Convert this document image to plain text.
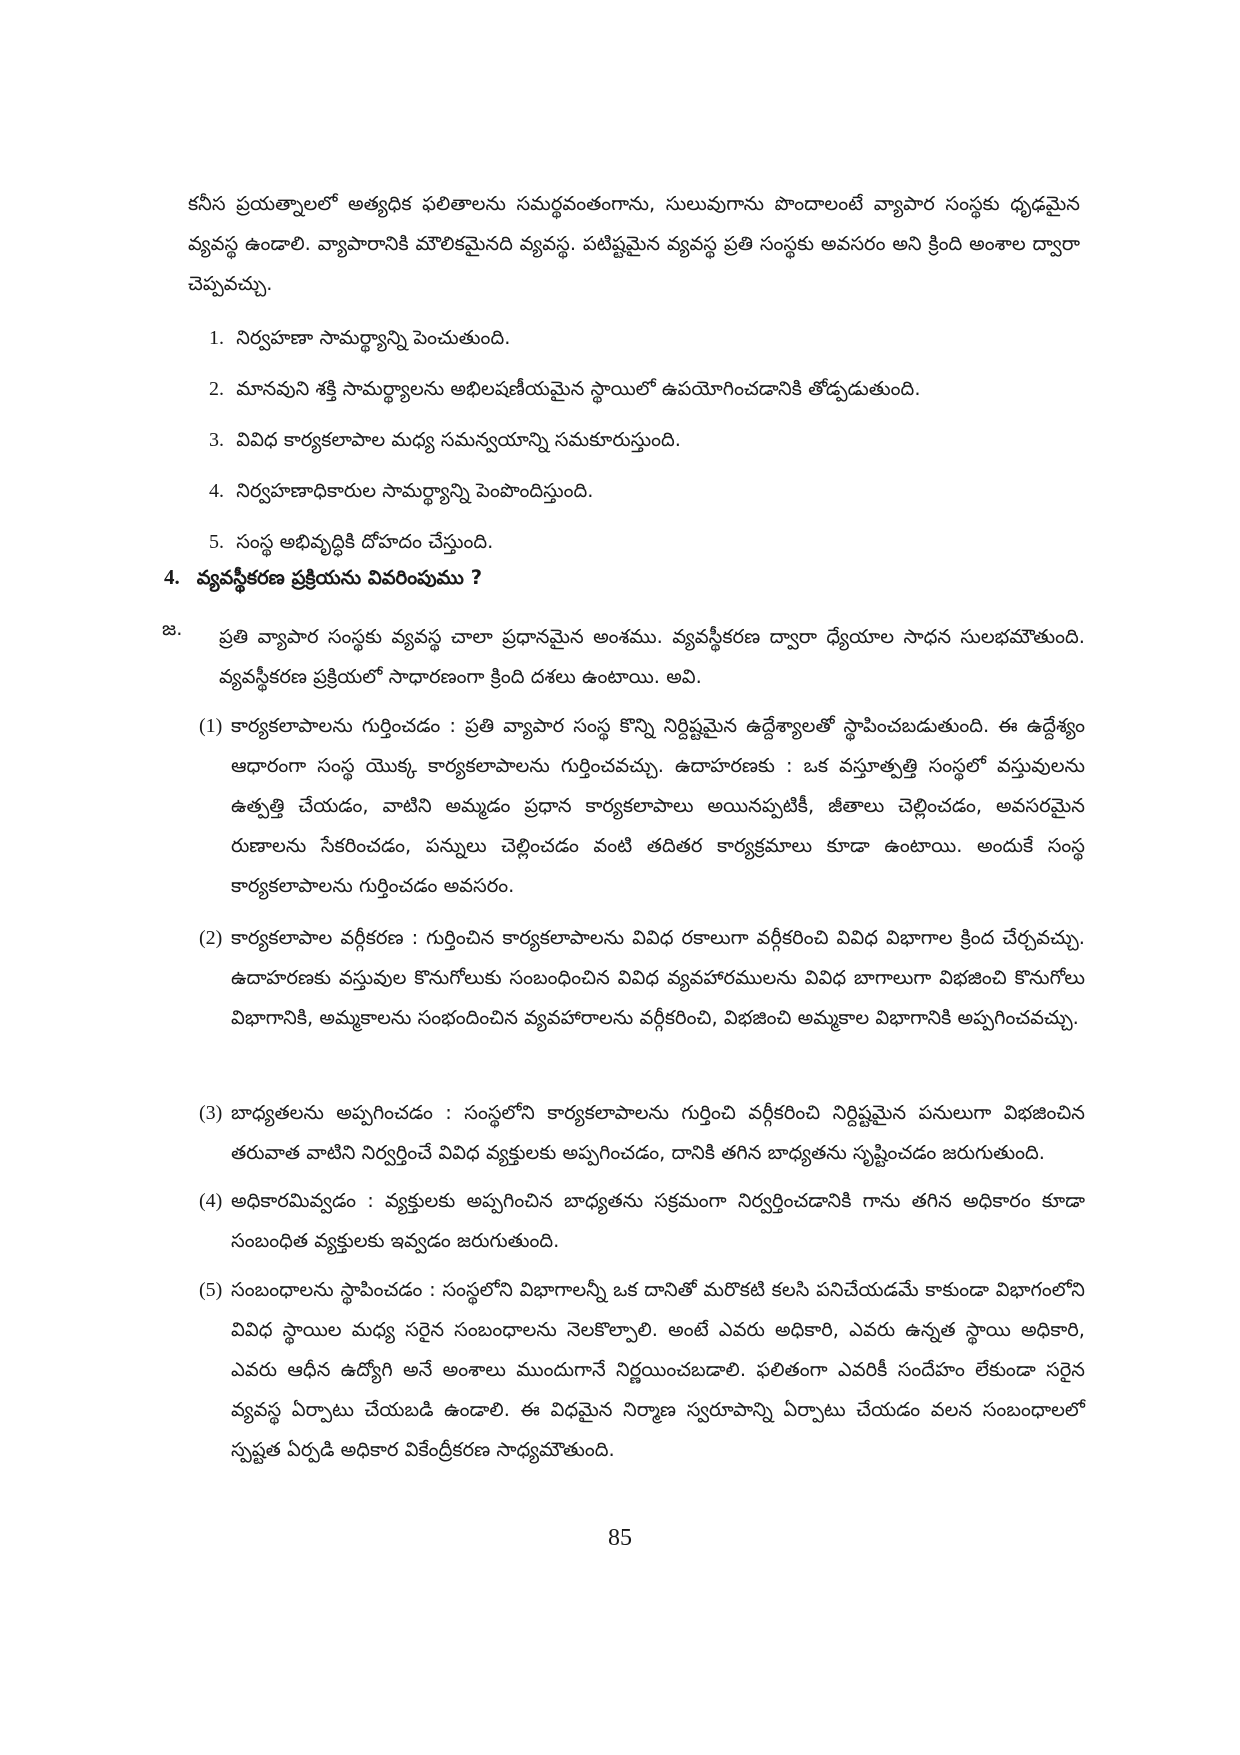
కనీస ప్రయత్నాలలో అత్యధిక ఫలితాలను సమర్థవంతంగాను, సులువుగాను పొందాలంటే వ్యాపార సంస్థకు ధృఢమైన వ్యవస్థ ఉండాలి. వ్యాపారానికి మౌలికమైనది వ్యవస్థ. పటిష్టమైన వ్యవస్థ ప్రతి సంస్థకు అవసరం అని క్రింది అంశాల ద్వారా చెప్పవచ్చు.

1. నిర్వహణా సామర్థ్యాన్ని పెంచుతుంది.
2. మానవుని శక్తి సామర్థ్యాలను అభిలషణీయమైన స్థాయిలో ఉపయోగించడానికి తోడ్పడుతుంది.
3. వివిధ కార్యకలాపాల మధ్య సమన్వయాన్ని సమకూరుస్తుంది.
4. నిర్వహణాధికారుల సామర్థ్యాన్ని పెంపొందిస్తుంది.
5. సంస్థ అభివృద్ధికి దోహదం చేస్తుంది.
4. వ్యవస్థీకరణ ప్రక్రియను వివరింపుము ?
జ. ప్రతి వ్యాపార సంస్థకు వ్యవస్థ చాలా ప్రధానమైన అంశము. వ్యవస్థీకరణ ద్వారా ధ్యేయాల సాధన సులభమౌతుంది. వ్యవస్థీకరణ ప్రక్రియలో సాధారణంగా క్రింది దశలు ఉంటాయి. అవి.

(1) కార్యకలాపాలను గుర్తించడం : ప్రతి వ్యాపార సంస్థ కొన్ని నిర్దిష్టమైన ఉద్దేశ్యాలతో స్థాపించబడుతుంది. ఈ ఉద్దేశ్యం ఆధారంగా సంస్థ యొక్క కార్యకలాపాలను గుర్తించవచ్చు. ఉదాహరణకు : ఒక వస్తూత్పత్తి సంస్థలో వస్తువులను ఉత్పత్తి చేయడం, వాటిని అమ్మడం ప్రధాన కార్యకలాపాలు అయినప్పటికీ, జీతాలు చెల్లించడం, అవసరమైన రుణాలను సేకరించడం, పన్నులు చెల్లించడం వంటి తదితర కార్యక్రమాలు కూడా ఉంటాయి. అందుకే సంస్థ కార్యకలాపాలను గుర్తించడం అవసరం.
(2) కార్యకలాపాల వర్గీకరణ : గుర్తించిన కార్యకలాపాలను వివిధ రకాలుగా వర్గీకరించి వివిధ విభాగాల క్రింద చేర్చవచ్చు. ఉదాహరణకు వస్తువుల కొనుగోలుకు సంబంధించిన వివిధ వ్యవహారములను వివిధ బాగాలుగా విభజించి కొనుగోలు విభాగానికి, అమ్మకాలను సంభందించిన వ్యవహారాలను వర్గీకరించి, విభజించి అమ్మకాల విభాగానికి అప్పగించవచ్చు.
(3) బాధ్యతలను అప్పగించడం : సంస్థలోని కార్యకలాపాలను గుర్తించి వర్గీకరించి నిర్దిష్టమైన పనులుగా విభజించిన తరువాత వాటిని నిర్వర్తించే వివిధ వ్యక్తులకు అప్పగించడం, దానికి తగిన బాధ్యతను సృష్టించడం జరుగుతుంది.
(4) అధికారమివ్వడం : వ్యక్తులకు అప్పగించిన బాధ్యతను సక్రమంగా నిర్వర్తించడానికి గాను తగిన అధికారం కూడా సంబంధిత వ్యక్తులకు ఇవ్వడం జరుగుతుంది.
(5) సంబంధాలను స్థాపించడం : సంస్థలోని విభాగాలన్నీ ఒక దానితో మరొకటి కలసి పనిచేయడమే కాకుండా విభాగంలోని వివిధ స్థాయిల మధ్య సరైన సంబంధాలను నెలకొల్పాలి. అంటే ఎవరు అధికారి, ఎవరు ఉన్నత స్థాయి అధికారి, ఎవరు ఆధీన ఉద్యోగి అనే అంశాలు ముందుగానే నిర్ణయించబడాలి. ఫలితంగా ఎవరికీ సందేహం లేకుండా సరైన వ్యవస్థ ఏర్పాటు చేయబడి ఉండాలి. ఈ విధమైన నిర్మాణ స్వరూపాన్ని ఏర్పాటు చేయడం వలన సంబంధాలలో స్పష్టత ఏర్పడి అధికార వికేంద్రీకరణ సాధ్యమౌతుంది.
85
